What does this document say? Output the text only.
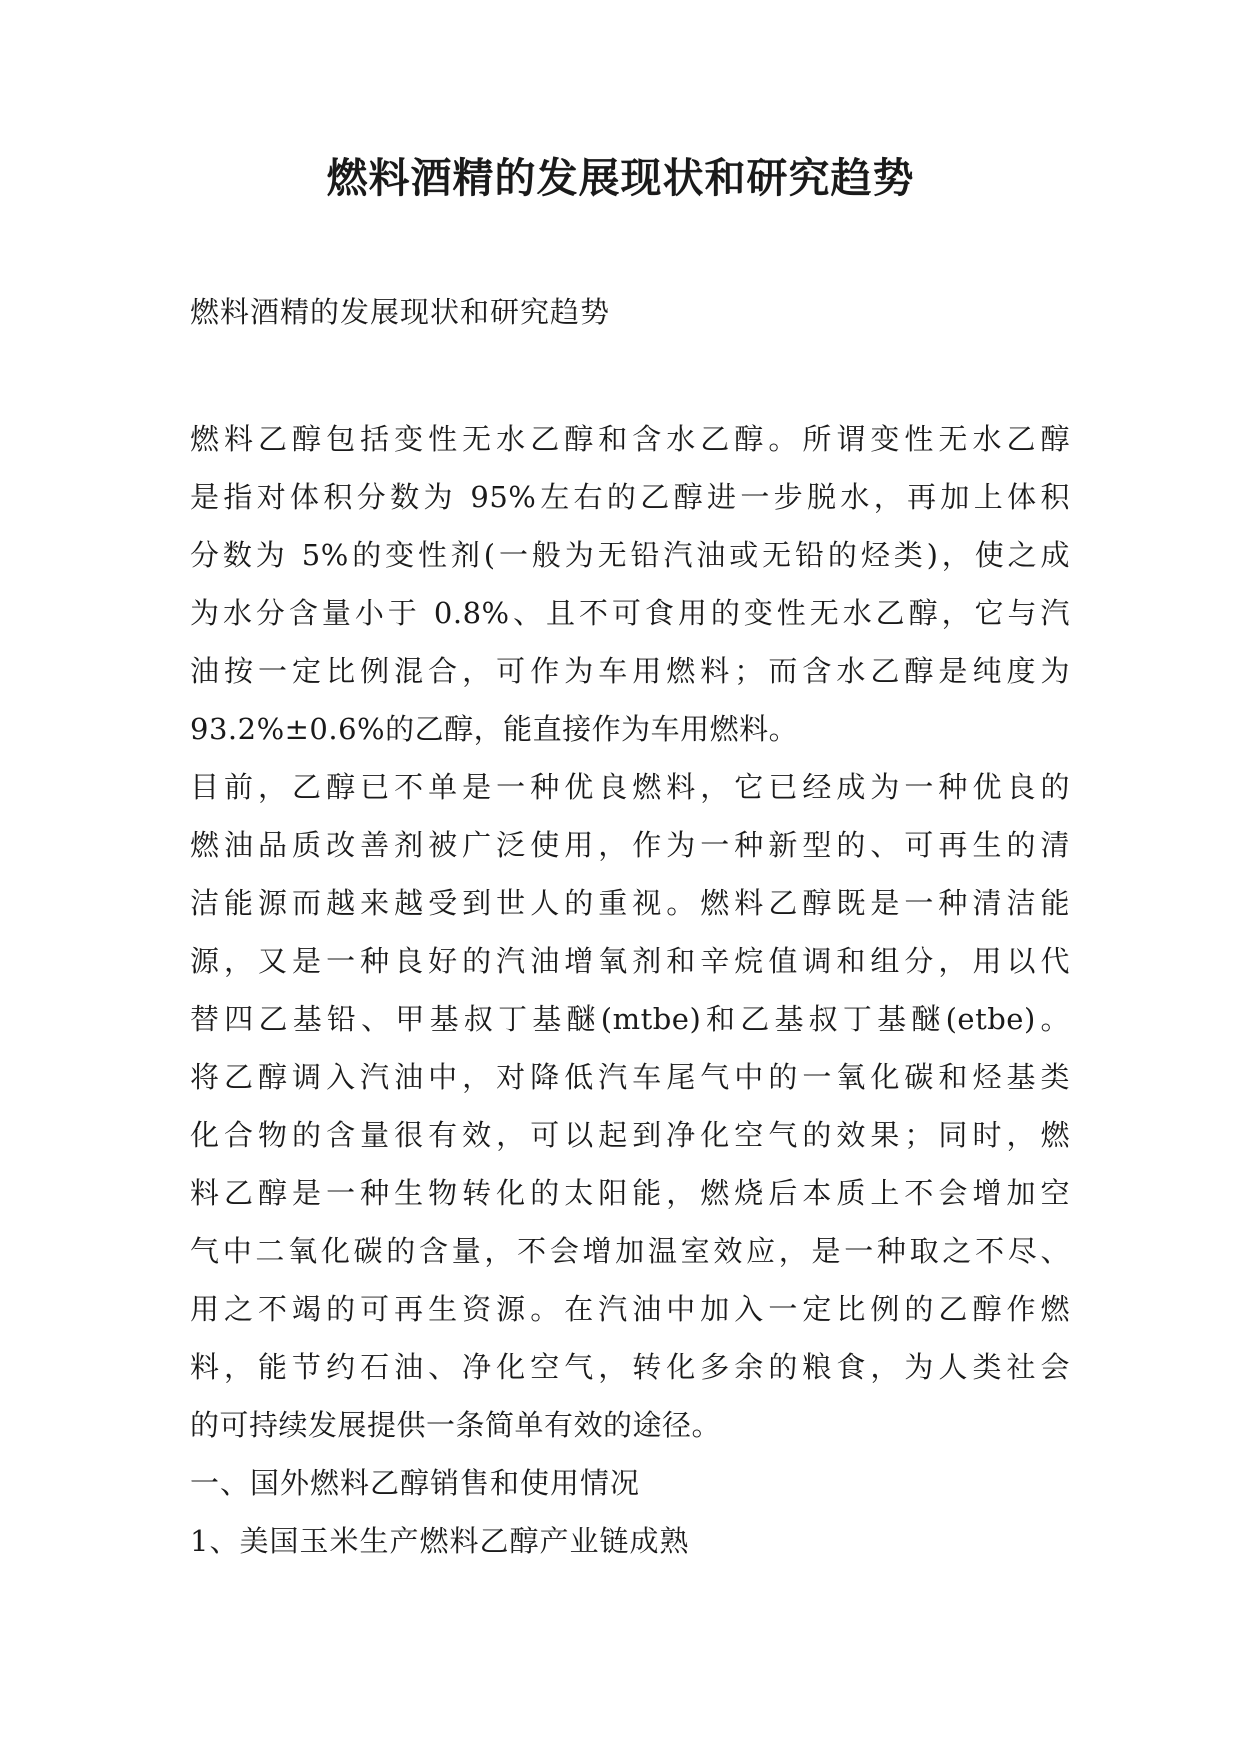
燃料酒精的发展现状和研究趋势

燃料酒精的发展现状和研究趋势

燃料乙醇包括变性无水乙醇和含水乙醇。所谓变性无水乙醇
是指对体积分数为 95%左右的乙醇进一步脱水，再加上体积
分数为 5%的变性剂(一般为无铅汽油或无铅的烃类)，使之成
为水分含量小于 0.8%、且不可食用的变性无水乙醇，它与汽
油按一定比例混合，可作为车用燃料；而含水乙醇是纯度为
93.2%±0.6%的乙醇，能直接作为车用燃料。
目前，乙醇已不单是一种优良燃料，它已经成为一种优良的
燃油品质改善剂被广泛使用，作为一种新型的、可再生的清
洁能源而越来越受到世人的重视。燃料乙醇既是一种清洁能
源，又是一种良好的汽油增氧剂和辛烷值调和组分，用以代
替四乙基铅、甲基叔丁基醚(mtbe)和乙基叔丁基醚(etbe)。
将乙醇调入汽油中，对降低汽车尾气中的一氧化碳和烃基类
化合物的含量很有效，可以起到净化空气的效果；同时，燃
料乙醇是一种生物转化的太阳能，燃烧后本质上不会增加空
气中二氧化碳的含量，不会增加温室效应，是一种取之不尽、
用之不竭的可再生资源。在汽油中加入一定比例的乙醇作燃
料，能节约石油、净化空气，转化多余的粮食，为人类社会
的可持续发展提供一条简单有效的途径。
一、国外燃料乙醇销售和使用情况
1、美国玉米生产燃料乙醇产业链成熟
